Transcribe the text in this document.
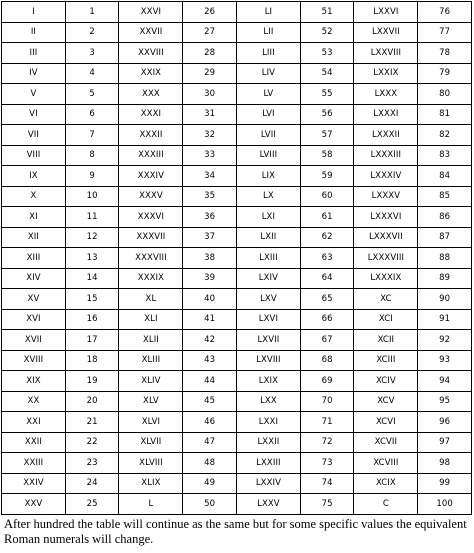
I	1	XXVI	26	LI	51	LXXVI	76
II	2	XXVII	27	LII	52	LXXVII	77
III	3	XXVIII	28	LIII	53	LXXVIII	78
IV	4	XXIX	29	LIV	54	LXXIX	79
V	5	XXX	30	LV	55	LXXX	80
VI	6	XXXI	31	LVI	56	LXXXI	81
VII	7	XXXII	32	LVII	57	LXXXII	82
VIII	8	XXXIII	33	LVIII	58	LXXXIII	83
IX	9	XXXIV	34	LIX	59	LXXXIV	84
X	10	XXXV	35	LX	60	LXXXV	85
XI	11	XXXVI	36	LXI	61	LXXXVI	86
XII	12	XXXVII	37	LXII	62	LXXXVII	87
XIII	13	XXXVIII	38	LXIII	63	LXXXVIII	88
XIV	14	XXXIX	39	LXIV	64	LXXXIX	89
XV	15	XL	40	LXV	65	XC	90
XVI	16	XLI	41	LXVI	66	XCI	91
XVII	17	XLII	42	LXVII	67	XCII	92
XVIII	18	XLIII	43	LXVIII	68	XCIII	93
XIX	19	XLIV	44	LXIX	69	XCIV	94
XX	20	XLV	45	LXX	70	XCV	95
XXI	21	XLVI	46	LXXI	71	XCVI	96
XXII	22	XLVII	47	LXXII	72	XCVII	97
XXIII	23	XLVIII	48	LXXIII	73	XCVIII	98
XXIV	24	XLIX	49	LXXIV	74	XCIX	99
XXV	25	L	50	LXXV	75	C	100

After hundred the table will continue as the same but for some specific values the equivalent Roman numerals will change.
